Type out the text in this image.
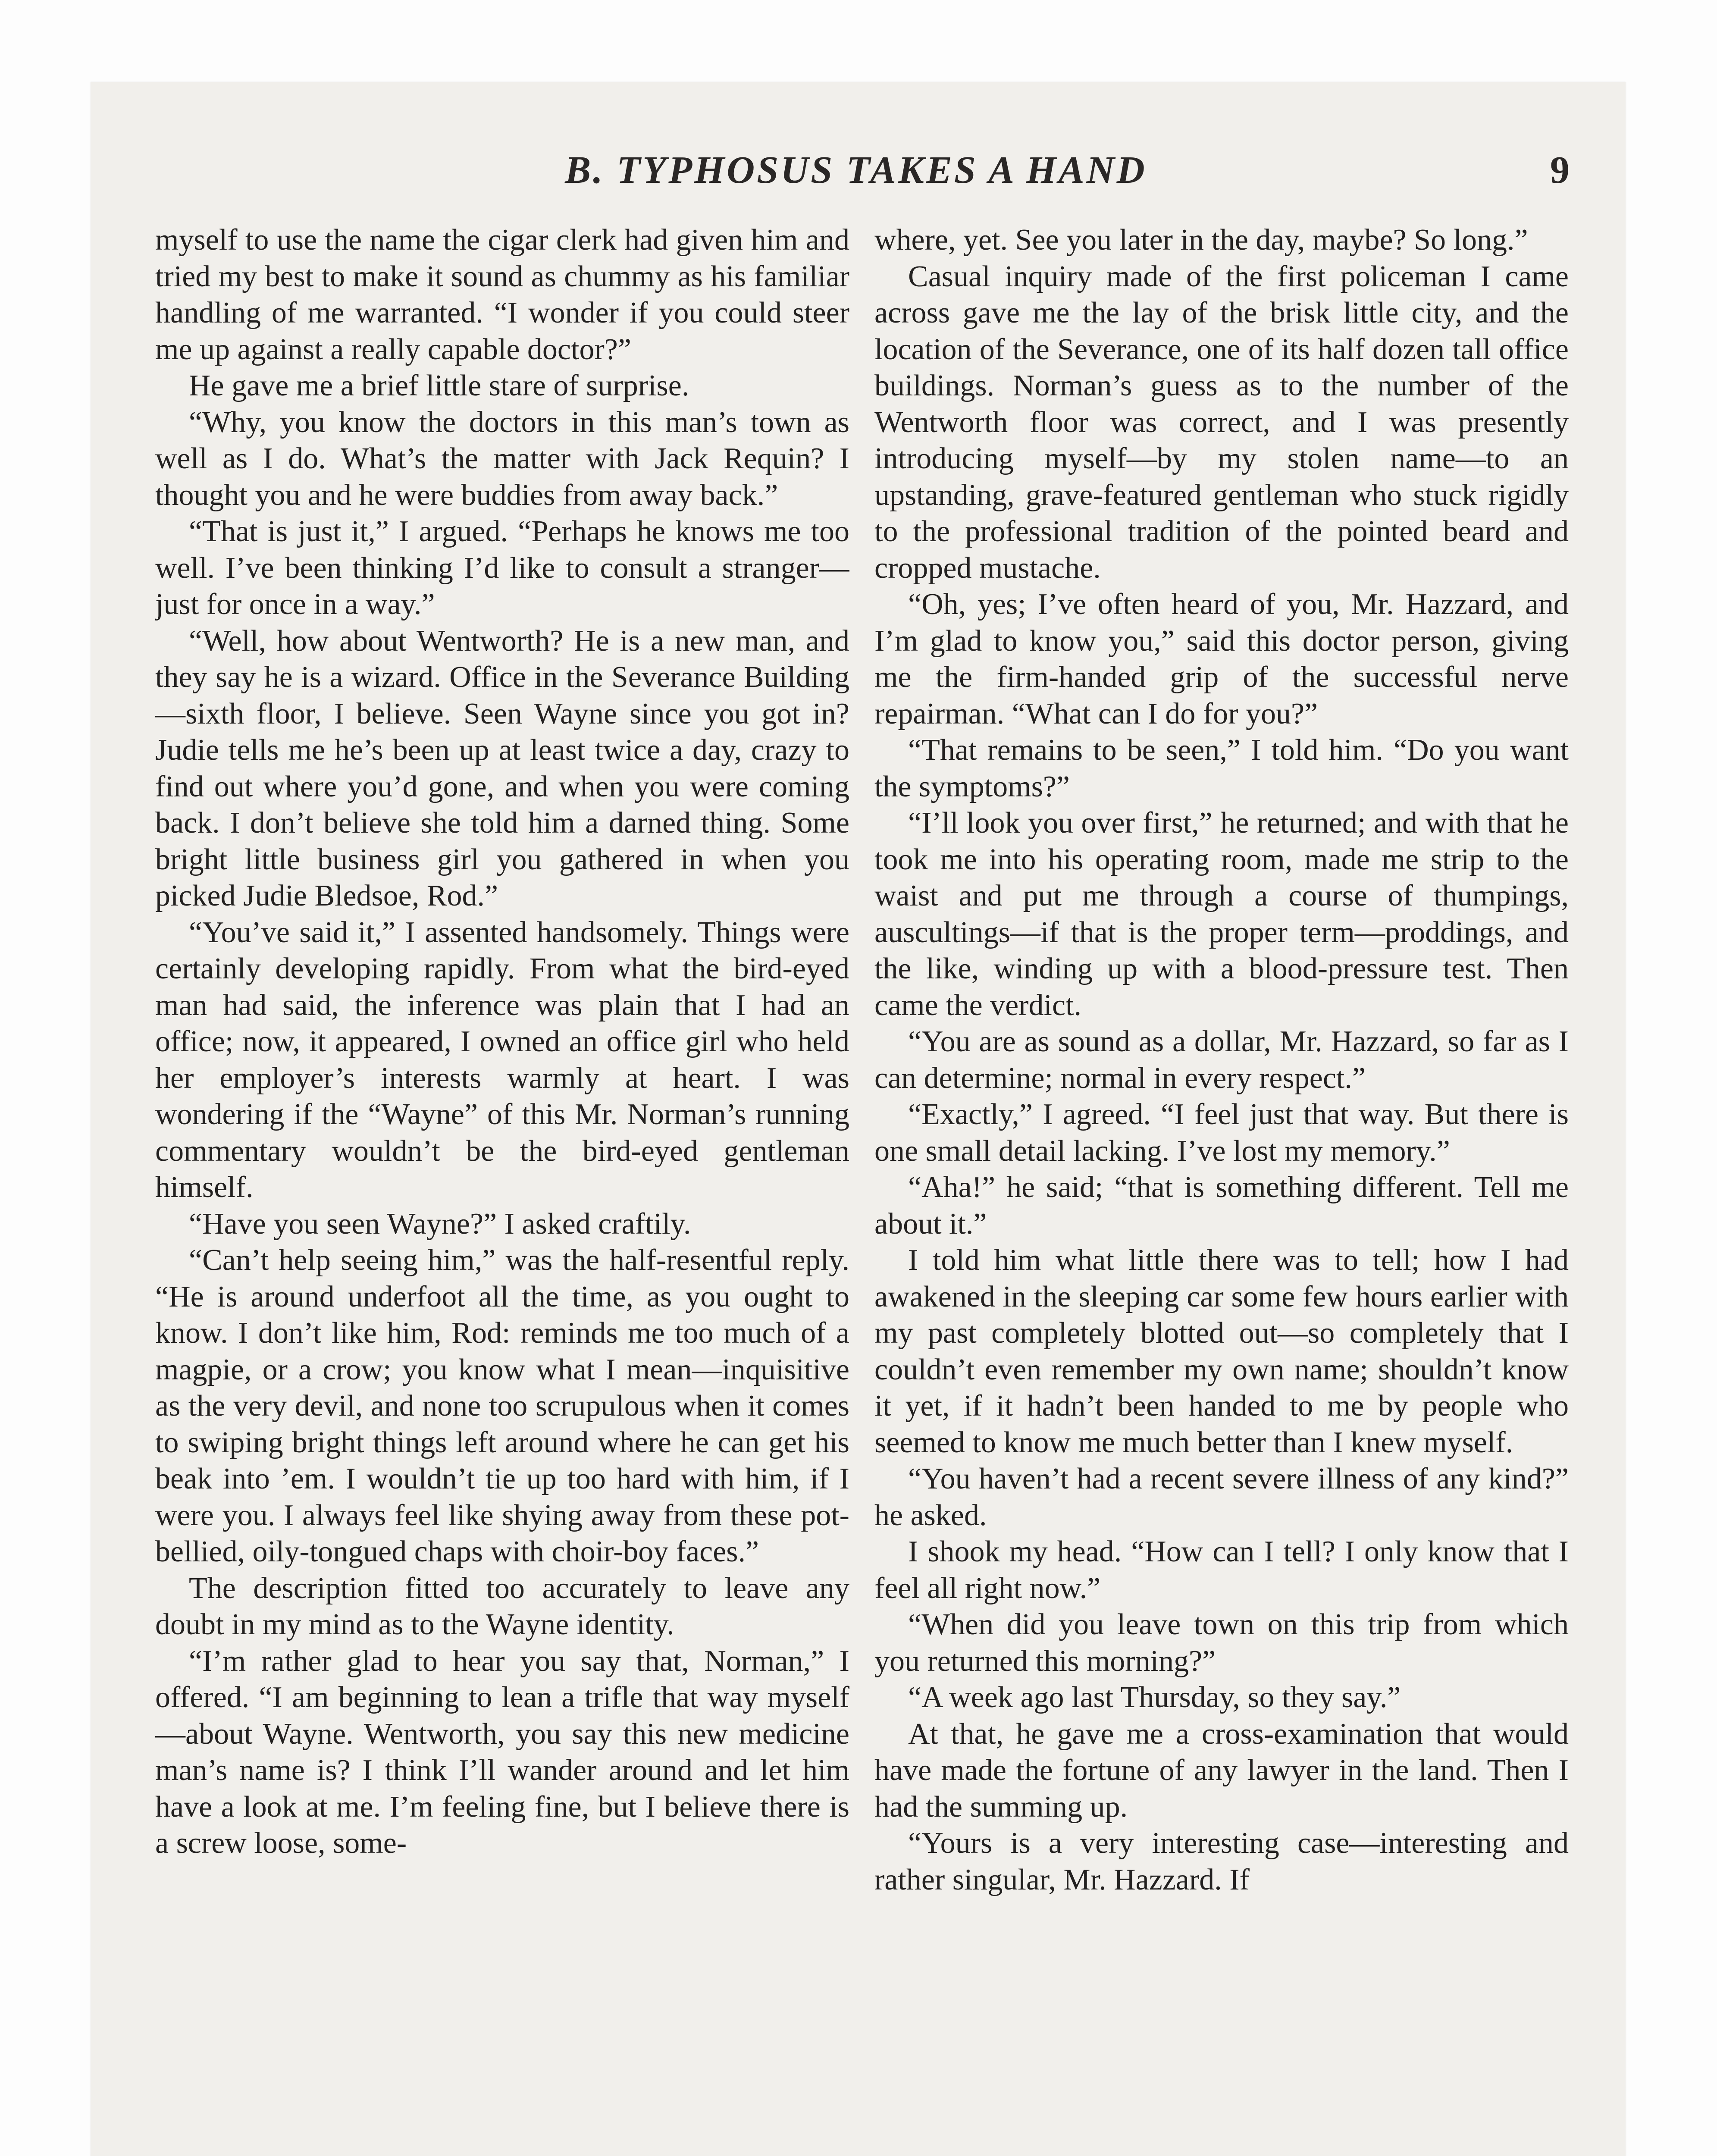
B. TYPHOSUS TAKES A HAND	9

myself to use the name the cigar clerk had given him and tried my best to make it sound as chummy as his familiar handling of me warranted. “I wonder if you could steer me up against a really capable doctor?”

He gave me a brief little stare of surprise.

“Why, you know the doctors in this man’s town as well as I do. What’s the matter with Jack Requin? I thought you and he were buddies from away back.”

“That is just it,” I argued. “Perhaps he knows me too well. I’ve been thinking I’d like to consult a stranger—just for once in a way.”

“Well, how about Wentworth? He is a new man, and they say he is a wizard. Office in the Severance Building—sixth floor, I believe. Seen Wayne since you got in? Judie tells me he’s been up at least twice a day, crazy to find out where you’d gone, and when you were coming back. I don’t believe she told him a darned thing. Some bright little business girl you gathered in when you picked Judie Bledsoe, Rod.”

“You’ve said it,” I assented handsomely. Things were certainly developing rapidly. From what the bird-eyed man had said, the inference was plain that I had an office; now, it appeared, I owned an office girl who held her employer’s interests warmly at heart. I was wondering if the “Wayne” of this Mr. Norman’s running commentary wouldn’t be the bird-eyed gentleman himself.

“Have you seen Wayne?” I asked craftily.

“Can’t help seeing him,” was the half-resentful reply. “He is around underfoot all the time, as you ought to know. I don’t like him, Rod: reminds me too much of a magpie, or a crow; you know what I mean—inquisitive as the very devil, and none too scrupulous when it comes to swiping bright things left around where he can get his beak into ’em. I wouldn’t tie up too hard with him, if I were you. I always feel like shying away from these pot-bellied, oily-tongued chaps with choir-boy faces.”

The description fitted too accurately to leave any doubt in my mind as to the Wayne identity.

“I’m rather glad to hear you say that, Norman,” I offered. “I am beginning to lean a trifle that way myself—about Wayne. Wentworth, you say this new medicine man’s name is? I think I’ll wander around and let him have a look at me. I’m feeling fine, but I believe there is a screw loose, some-

where, yet. See you later in the day, maybe? So long.”

Casual inquiry made of the first policeman I came across gave me the lay of the brisk little city, and the location of the Severance, one of its half dozen tall office buildings. Norman’s guess as to the number of the Wentworth floor was correct, and I was presently introducing myself—by my stolen name—to an upstanding, grave-featured gentleman who stuck rigidly to the professional tradition of the pointed beard and cropped mustache.

“Oh, yes; I’ve often heard of you, Mr. Hazzard, and I’m glad to know you,” said this doctor person, giving me the firm-handed grip of the successful nerve repairman. “What can I do for you?”

“That remains to be seen,” I told him. “Do you want the symptoms?”

“I’ll look you over first,” he returned; and with that he took me into his operating room, made me strip to the waist and put me through a course of thumpings, auscultings—if that is the proper term—proddings, and the like, winding up with a blood-pressure test. Then came the verdict.

“You are as sound as a dollar, Mr. Hazzard, so far as I can determine; normal in every respect.”

“Exactly,” I agreed. “I feel just that way. But there is one small detail lacking. I’ve lost my memory.”

“Aha!” he said; “that is something different. Tell me about it.”

I told him what little there was to tell; how I had awakened in the sleeping car some few hours earlier with my past completely blotted out—so completely that I couldn’t even remember my own name; shouldn’t know it yet, if it hadn’t been handed to me by people who seemed to know me much better than I knew myself.

“You haven’t had a recent severe illness of any kind?” he asked.

I shook my head. “How can I tell? I only know that I feel all right now.”

“When did you leave town on this trip from which you returned this morning?”

“A week ago last Thursday, so they say.”

At that, he gave me a cross-examination that would have made the fortune of any lawyer in the land. Then I had the summing up.

“Yours is a very interesting case—interesting and rather singular, Mr. Hazzard. If
